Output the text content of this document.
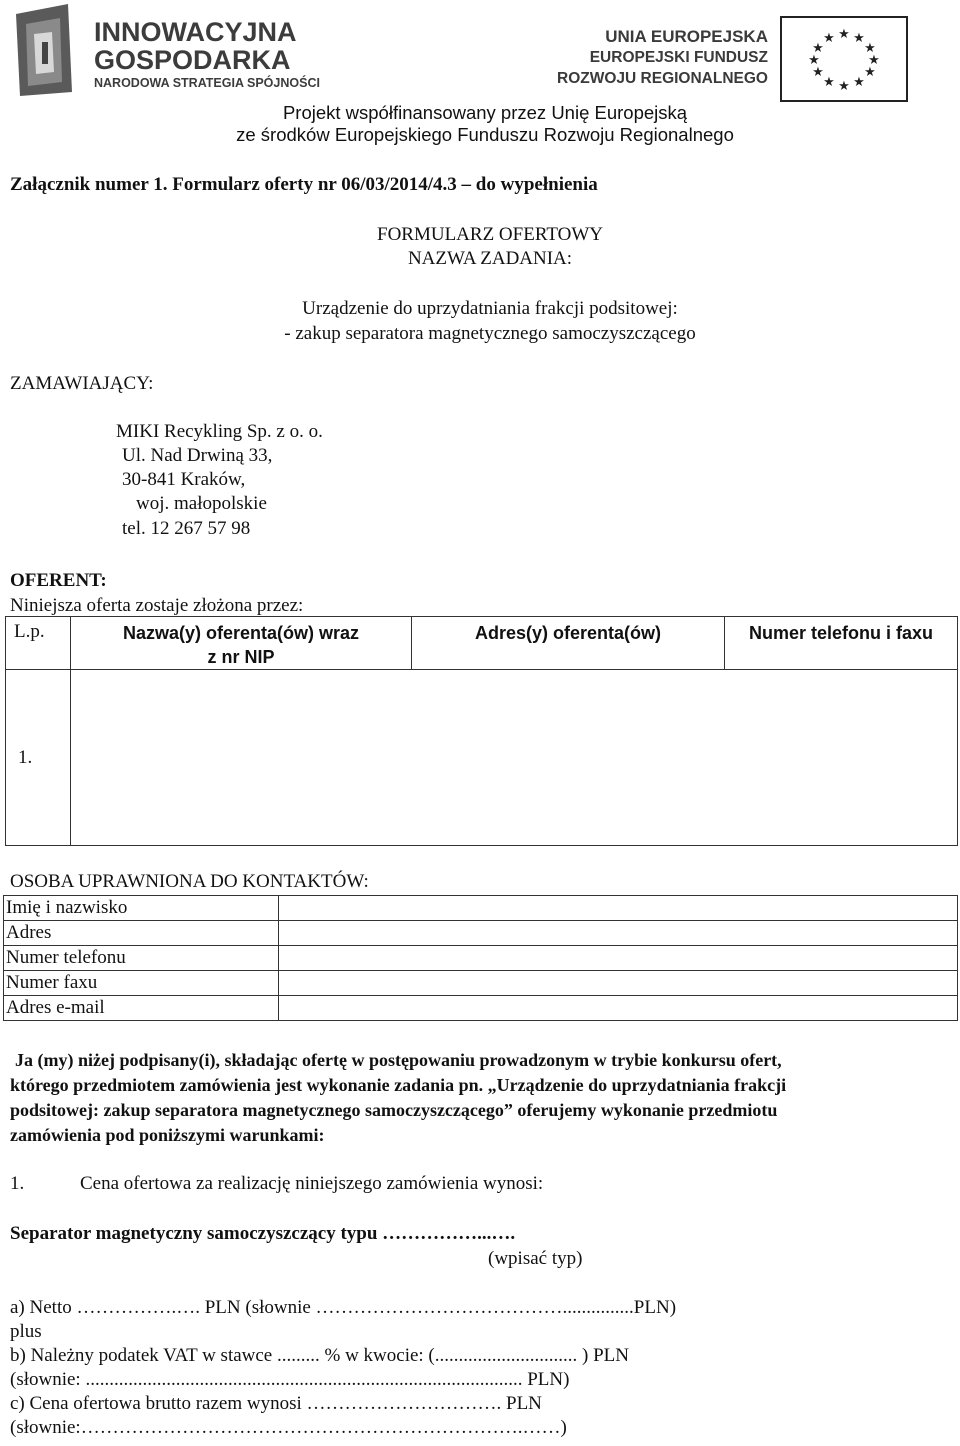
INNOWACYJNA
GOSPODARKA
NARODOWA STRATEGIA SPÓJNOŚCI
UNIA EUROPEJSKA
EUROPEJSKI FUNDUSZ
ROZWOJU REGIONALNEGO
★ ★
★
★
★
★
★
★
★
★
★
★
Projekt współfinansowany przez Unię Europejską
ze środków Europejskiego Funduszu Rozwoju Regionalnego
Załącznik numer 1. Formularz oferty nr 06/03/2014/4.3 – do wypełnienia
FORMULARZ OFERTOWY
NAZWA ZADANIA:
Urządzenie do uprzydatniania frakcji podsitowej:
- zakup separatora magnetycznego samoczyszczącego
ZAMAWIAJĄCY:
MIKI Recykling Sp. z o. o.
Ul. Nad Drwiną 33,
30-841 Kraków,
woj. małopolskie
tel. 12 267 57 98
OFERENT:
Niniejsza oferta zostaje złożona przez:
L.p.	Nazwa(y) oferenta(ów) wraz z nr NIP	Adres(y) oferenta(ów)	Numer telefonu i faxu
1.			
OSOBA UPRAWNIONA DO KONTAKTÓW:
Imię i nazwisko	
Adres	
Numer telefonu	
Numer faxu	
Adres e-mail	
Ja (my) niżej podpisany(i), składając ofertę w postępowaniu prowadzonym w trybie konkursu ofert,
którego przedmiotem zamówienia jest wykonanie zadania pn. „Urządzenie do uprzydatniania frakcji
podsitowej: zakup separatora magnetycznego samoczyszczącego” oferujemy wykonanie przedmiotu
zamówienia pod poniższymi warunkami:
1.	Cena ofertowa za realizację niniejszego zamówienia wynosi:
Separator magnetyczny samoczyszczący typu ……………...….
(wpisać typ)
a) Netto …………….…. PLN (słownie …………………………………...............PLN)
plus
b) Należny podatek VAT w stawce ......... % w kwocie: (.............................. ) PLN
(słownie: ............................................................................................ PLN)
c) Cena ofertowa brutto razem wynosi …………………………. PLN
(słownie:…………………………………………………………….……)
